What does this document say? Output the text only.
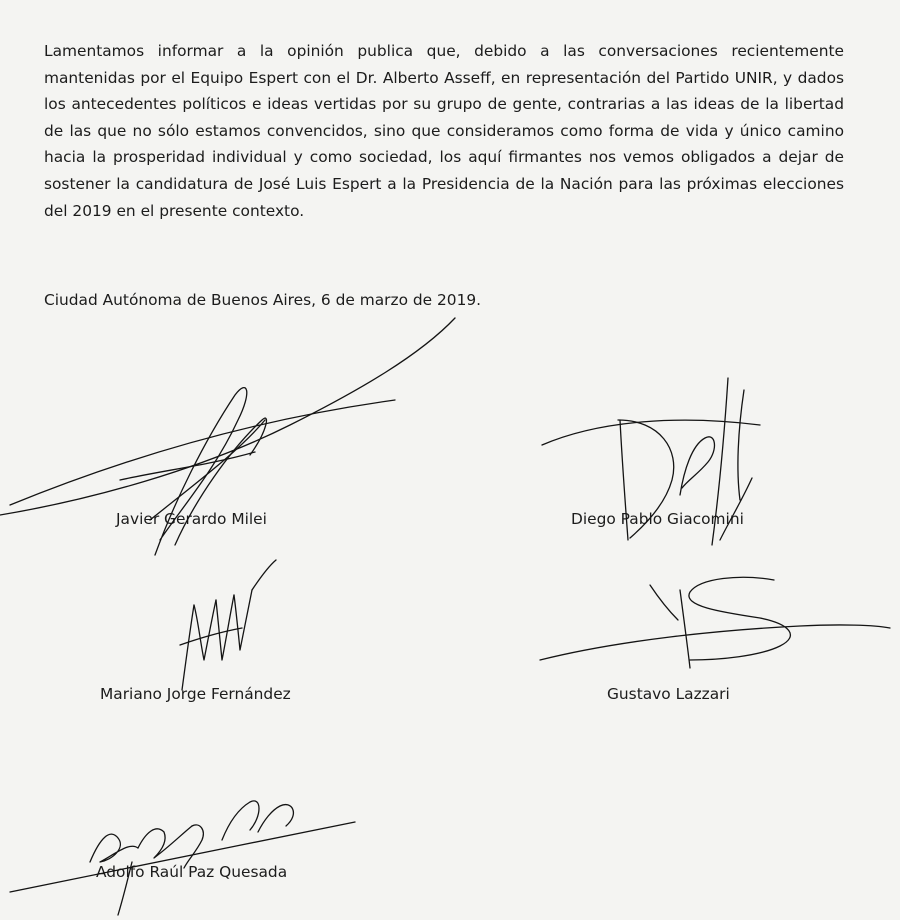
Lamentamos informar a la opinión publica que, debido a las conversaciones recientemente mantenidas por el Equipo Espert con el Dr. Alberto Asseff, en representación del Partido UNIR, y dados los antecedentes políticos e ideas vertidas por su grupo de gente, contrarias a las ideas de la libertad de las que no sólo estamos convencidos, sino que consideramos como forma de vida y único camino hacia la prosperidad individual y como sociedad, los aquí firmantes nos vemos obligados a dejar de sostener la candidatura de José Luis Espert a la Presidencia de la Nación para las próximas elecciones del 2019 en el presente contexto.

Ciudad Autónoma de Buenos Aires, 6 de marzo de 2019.

Javier Gerardo Milei	Diego Pablo Giacomini
Mariano Jorge Fernández	Gustavo Lazzari
Adolfo Raúl Paz Quesada
